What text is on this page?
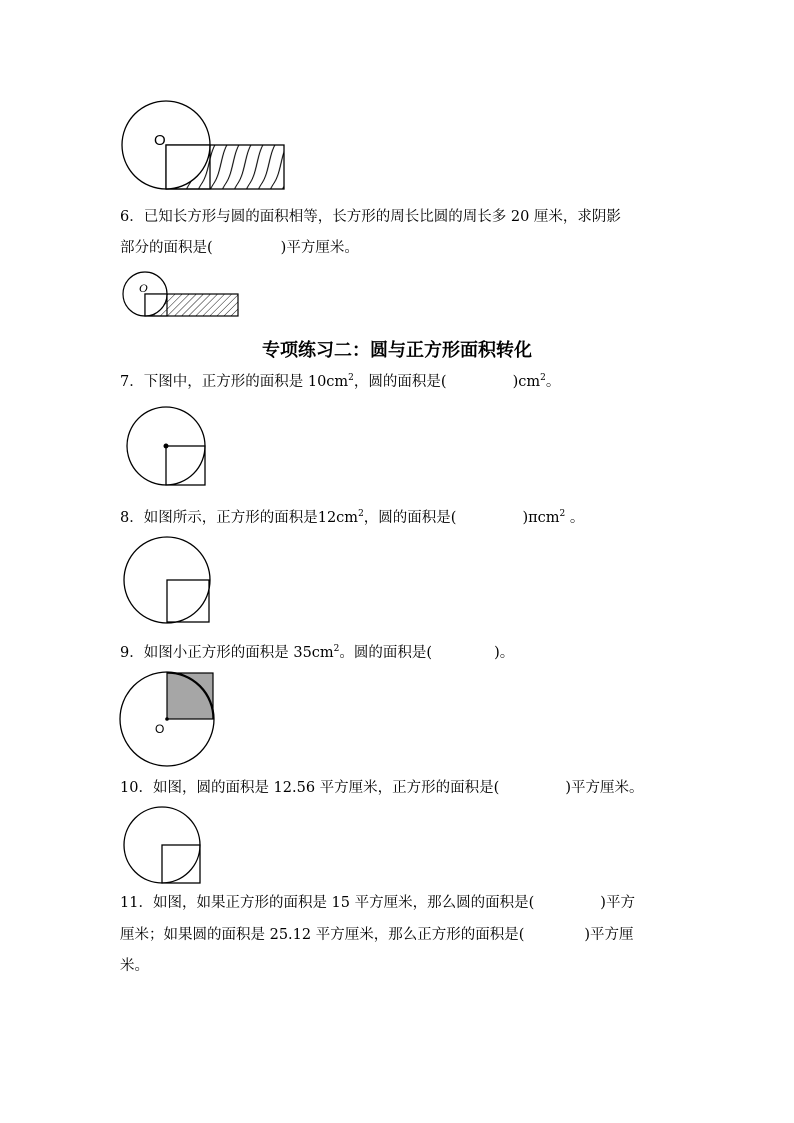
O
6．已知长方形与圆的面积相等，长方形的周长比圆的周长多 20 厘米，求阴影
部分的面积是(	)平方厘米。
O
专项练习二：圆与正方形面积转化
7．下图中，正方形的面积是 $10cm^2$，圆的面积是(	)$cm^2$。
8．如图所示，正方形的面积是$12cm^2$，圆的面积是(	)πcm$^2$ 。
9．如图小正方形的面积是 $35cm^2$。圆的面积是(	)。
O
10．如图，圆的面积是 12.56 平方厘米，正方形的面积是(	)平方厘米。
11．如图，如果正方形的面积是 15 平方厘米，那么圆的面积是(	)平方
厘米；如果圆的面积是 25.12 平方厘米，那么正方形的面积是(	)平方厘
米。
